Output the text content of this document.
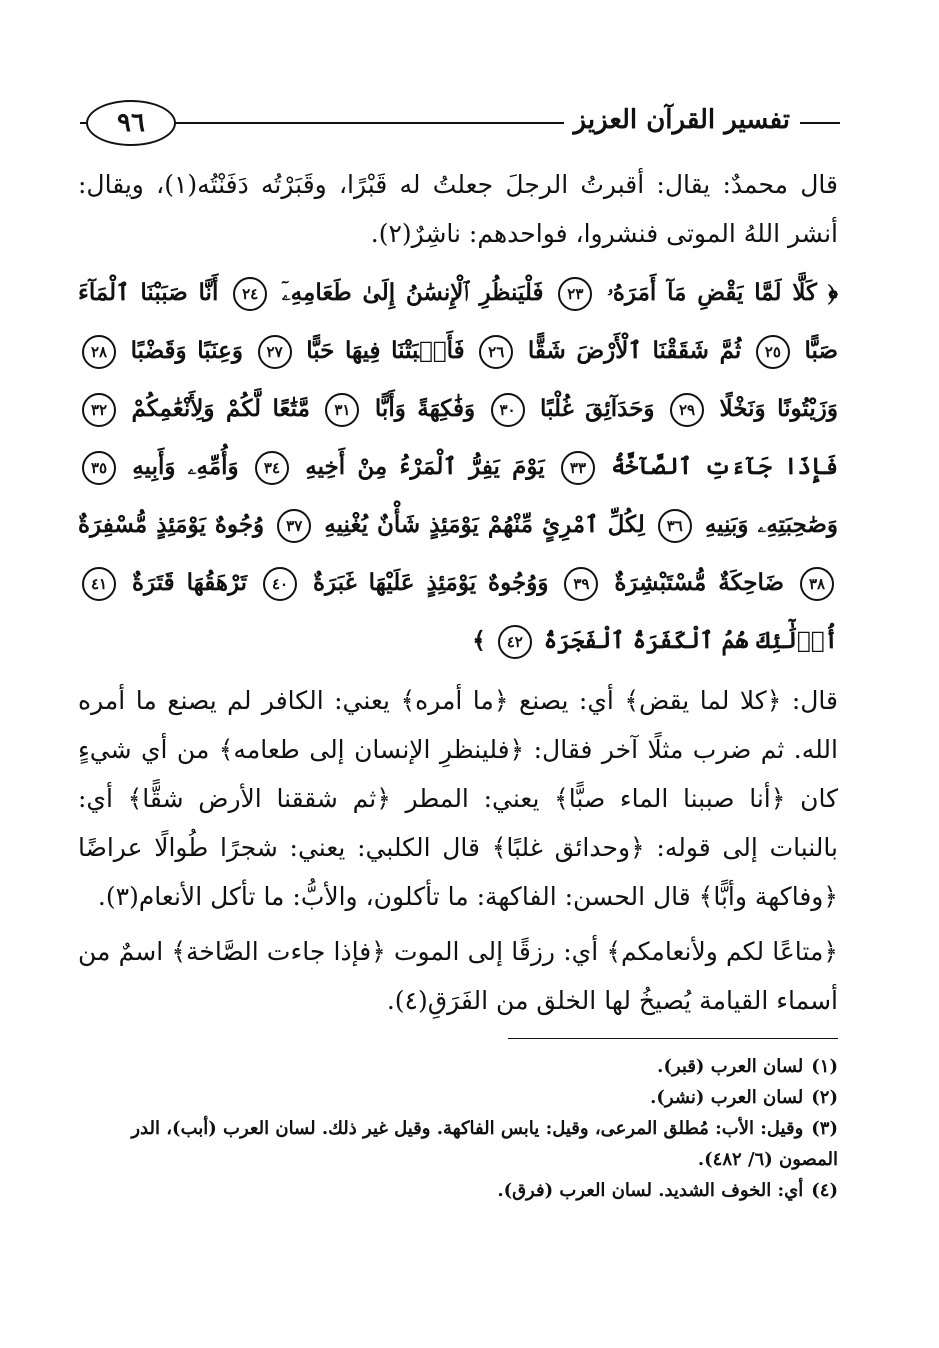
٩٦	تفسير القرآن العزيز

قال محمدٌ: يقال: أقبرتُ الرجلَ جعلتُ له قَبْرًا، وقَبَرْتُه دَفَنْتُه(١)، ويقال: أنشر اللهُ الموتى فنشروا، فواحدهم: ناشِرٌ(٢).

﴿ كَلَّا لَمَّا يَقْضِ مَآ أَمَرَهُۥ ٢٣ فَلْيَنظُرِ ٱلْإِنسَٰنُ إِلَىٰ طَعَامِهِۦٓ ٢٤ أَنَّا صَبَبْنَا ٱلْمَآءَ صَبًّا ٢٥ ثُمَّ شَقَقْنَا ٱلْأَرْضَ شَقًّا ٢٦ فَأَنۢبَتْنَا فِيهَا حَبًّا ٢٧ وَعِنَبًا وَقَضْبًا ٢٨ وَزَيْتُونًا وَنَخْلًا ٢٩ وَحَدَآئِقَ غُلْبًا ٣٠ وَفَٰكِهَةً وَأَبًّا ٣١ مَّتَٰعًا لَّكُمْ وَلِأَنْعَٰمِكُمْ ٣٢ فَإِذَا جَآءَتِ ٱلصَّآخَّةُ ٣٣ يَوْمَ يَفِرُّ ٱلْمَرْءُ مِنْ أَخِيهِ ٣٤ وَأُمِّهِۦ وَأَبِيهِ ٣٥ وَصَٰحِبَتِهِۦ وَبَنِيهِ ٣٦ لِكُلِّ ٱمْرِئٍ مِّنْهُمْ يَوْمَئِذٍ شَأْنٌ يُغْنِيهِ ٣٧ وُجُوهٌ يَوْمَئِذٍ مُّسْفِرَةٌ ٣٨ ضَاحِكَةٌ مُّسْتَبْشِرَةٌ ٣٩ وَوُجُوهٌ يَوْمَئِذٍ عَلَيْهَا غَبَرَةٌ ٤٠ تَرْهَقُهَا قَتَرَةٌ ٤١ أُو۟لَٰٓئِكَ هُمُ ٱلْكَفَرَةُ ٱلْفَجَرَةُ ٤٢ ﴾

قال: ﴿كلا لما يقض﴾ أي: يصنع ﴿ما أمره﴾ يعني: الكافر لم يصنع ما أمره الله. ثم ضرب مثلًا آخر فقال: ﴿فلينظرِ الإنسان إلى طعامه﴾ من أي شيءٍ كان ﴿أنا صببنا الماء صبًّا﴾ يعني: المطر ﴿ثم شققنا الأرض شقًّا﴾ أي: بالنبات إلى قوله: ﴿وحدائق غلبًا﴾ قال الكلبي: يعني: شجرًا طُوالًا عراضًا ﴿وفاكهة وأبًّا﴾ قال الحسن: الفاكهة: ما تأكلون، والأبُّ: ما تأكل الأنعام(٣).

﴿متاعًا لكم ولأنعامكم﴾ أي: رزقًا إلى الموت ﴿فإذا جاءت الصَّاخة﴾ اسمٌ من أسماء القيامة يُصيخُ لها الخلق من الفَرَقِ(٤).

(١)لسان العرب (قبر).

(٢)لسان العرب (نشر).

(٣)وقيل: الأب: مُطلق المرعى، وقيل: يابس الفاكهة. وقيل غير ذلك. لسان العرب (أبب)، الدر المصون (٦/ ٤٨٢).

(٤)أي: الخوف الشديد. لسان العرب (فرق).
